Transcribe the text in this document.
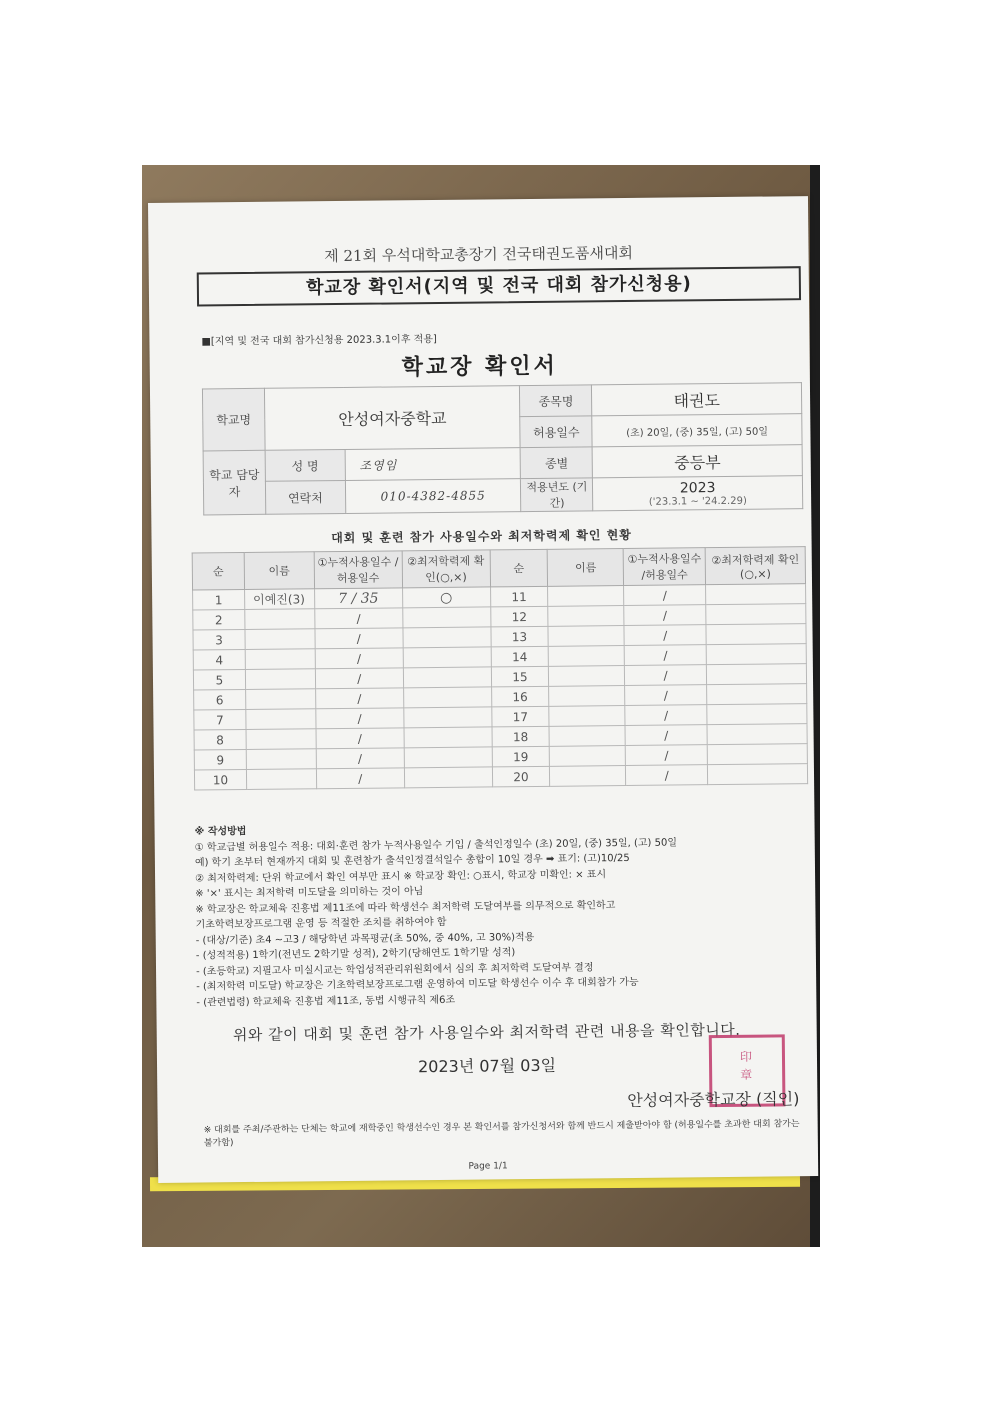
제 21회 우석대학교총장기 전국태권도품새대회
학교장 확인서(지역 및 전국 대회 참가신청용)
■[지역 및 전국 대회 참가신청용 2023.3.1이후 적용]
학교장 확인서
학교명	안성여자중학교		종목명	태권도
			허용일수	(초) 20일, (중) 35일, (고) 50일
학교 담당자	성 명	조영임	종별	중등부
	연락처	010-4382-4855	적용년도 (기간)	2023
('23.3.1 ~ '24.2.29)
대회 및 훈련 참가 사용일수와 최저학력제 확인 현황
순	이름	①누적사용일수 /허용일수	②최저학력제 확인(○,×)	순	이름	①누적사용일수 /허용일수	②최저학력제 확인(○,×)
1	이예진(3)	7 / 35	○	11		/	
2		/		12		/	
3		/		13		/	
4		/		14		/	
5		/		15		/	
6		/		16		/	
7		/		17		/	
8		/		18		/	
9		/		19		/	
10		/		20		/	
※ 작성방법
① 학교급별 허용일수 적용: 대회·훈련 참가 누적사용일수 기입 / 출석인정일수 (초) 20일, (중) 35일, (고) 50일
예) 학기 초부터 현재까지 대회 및 훈련참가 출석인정결석일수 총합이 10일 경우 ➡ 표기: (고)10/25
② 최저학력제: 단위 학교에서 확인 여부만 표시 ※ 학교장 확인: ○표시, 학교장 미확인: × 표시
※ '×' 표시는 최저학력 미도달을 의미하는 것이 아님
※ 학교장은 학교체육 진흥법 제11조에 따라 학생선수 최저학력 도달여부를 의무적으로 확인하고
기초학력보장프로그램 운영 등 적절한 조치를 취하여야 함
- (대상/기준) 초4 ~고3 / 해당학년 과목평균(초 50%, 중 40%, 고 30%)적용
- (성적적용) 1학기(전년도 2학기말 성적), 2학기(당해연도 1학기말 성적)
- (초등학교) 지필고사 미실시교는 학업성적관리위원회에서 심의 후 최저학력 도달여부 결정
- (최저학력 미도달) 학교장은 기초학력보장프로그램 운영하여 미도달 학생선수 이수 후 대회참가 가능
- (관련법령) 학교체육 진흥법 제11조, 동법 시행규칙 제6조
위와 같이 대회 및 훈련 참가 사용일수와 최저학력 관련 내용을 확인합니다.
2023년 07월 03일	印
章
안성여자중학교장 (직인)
※ 대회를 주최/주관하는 단체는 학교에 재학중인 학생선수인 경우 본 확인서를 참가신청서와 함께 반드시 제출받아야 함 (허용일수를 초과한 대회 참가는 불가함)
Page 1/1
